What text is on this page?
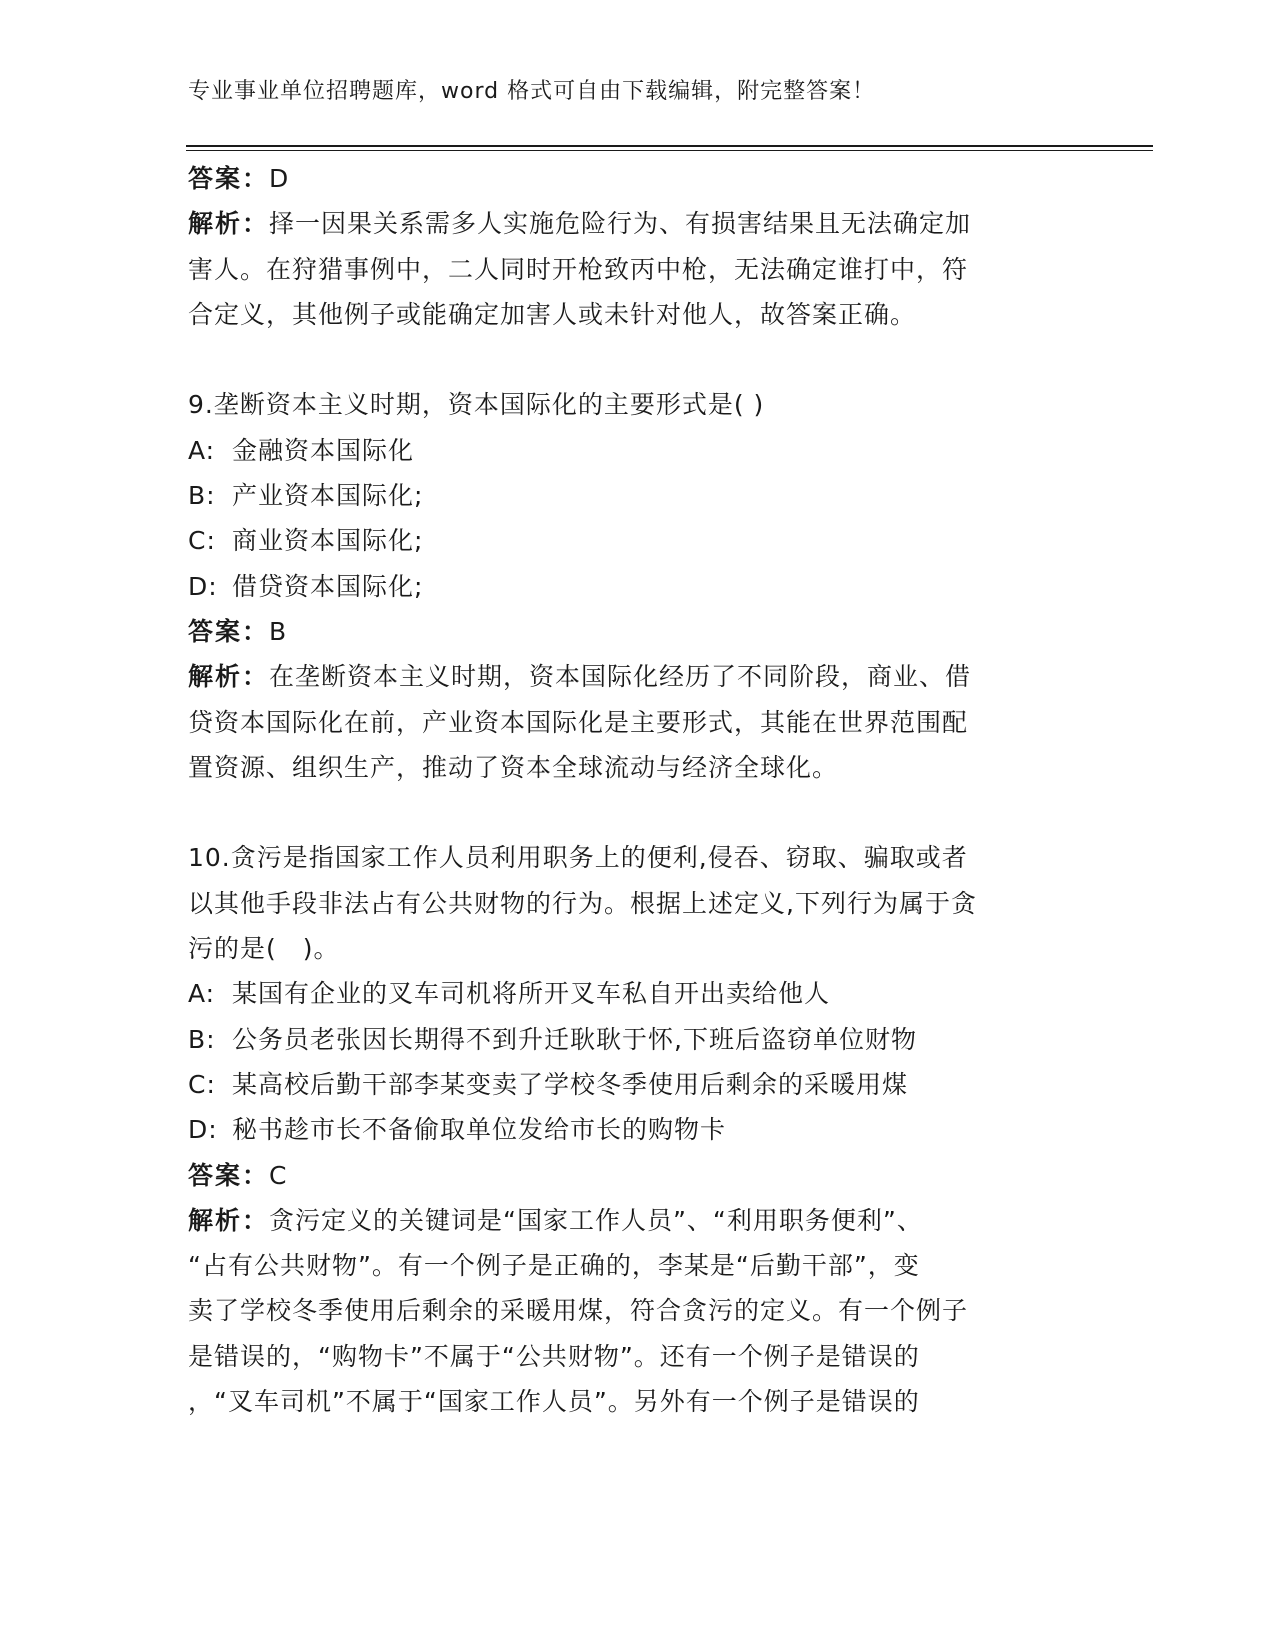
专业事业单位招聘题库，word 格式可自由下载编辑，附完整答案！
答案：D
解析：择一因果关系需多人实施危险行为、有损害结果且无法确定加
害人。在狩猎事例中，二人同时开枪致丙中枪，无法确定谁打中，符
合定义，其他例子或能确定加害人或未针对他人，故答案正确。
9.垄断资本主义时期，资本国际化的主要形式是( )
A: 金融资本国际化
B: 产业资本国际化;
C: 商业资本国际化;
D: 借贷资本国际化;
答案：B
解析：在垄断资本主义时期，资本国际化经历了不同阶段，商业、借
贷资本国际化在前，产业资本国际化是主要形式，其能在世界范围配
置资源、组织生产，推动了资本全球流动与经济全球化。
10.贪污是指国家工作人员利用职务上的便利,侵吞、窃取、骗取或者
以其他手段非法占有公共财物的行为。根据上述定义,下列行为属于贪
污的是(　)。
A: 某国有企业的叉车司机将所开叉车私自开出卖给他人
B: 公务员老张因长期得不到升迁耿耿于怀,下班后盗窃单位财物
C: 某高校后勤干部李某变卖了学校冬季使用后剩余的采暖用煤
D: 秘书趁市长不备偷取单位发给市长的购物卡
答案：C
解析：贪污定义的关键词是“国家工作人员”、“利用职务便利”、
“占有公共财物”。有一个例子是正确的，李某是“后勤干部”，变
卖了学校冬季使用后剩余的采暖用煤，符合贪污的定义。有一个例子
是错误的，“购物卡”不属于“公共财物”。还有一个例子是错误的
，“叉车司机”不属于“国家工作人员”。另外有一个例子是错误的
